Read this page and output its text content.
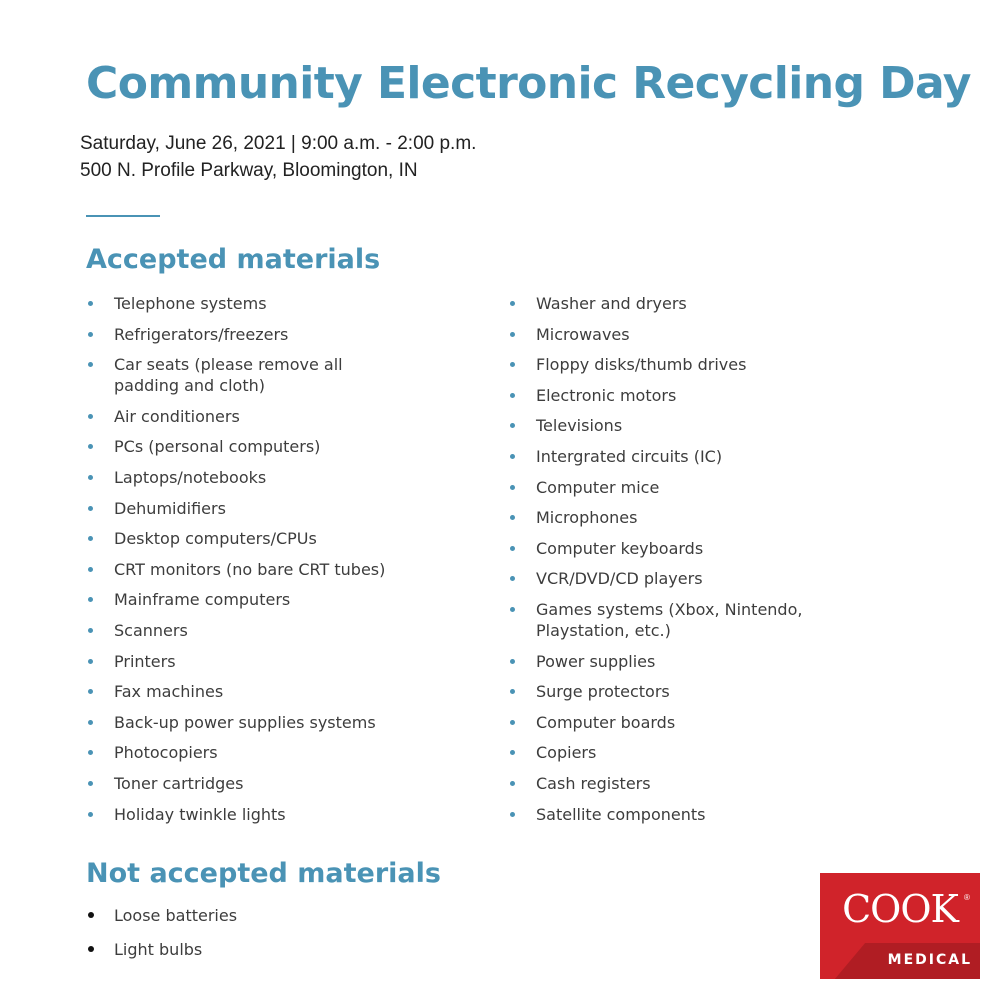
Community Electronic Recycling Day
Saturday, June 26, 2021 | 9:00 a.m. - 2:00 p.m.
500 N. Profile Parkway, Bloomington, IN
Accepted materials
Telephone systems
Refrigerators/freezers
Car seats (please remove all padding and cloth)
Air conditioners
PCs (personal computers)
Laptops/notebooks
Dehumidifiers
Desktop computers/CPUs
CRT monitors (no bare CRT tubes)
Mainframe computers
Scanners
Printers
Fax machines
Back-up power supplies systems
Photocopiers
Toner cartridges
Holiday twinkle lights
Washer and dryers
Microwaves
Floppy disks/thumb drives
Electronic motors
Televisions
Intergrated circuits (IC)
Computer mice
Microphones
Computer keyboards
VCR/DVD/CD players
Games systems (Xbox, Nintendo, Playstation, etc.)
Power supplies
Surge protectors
Computer boards
Copiers
Cash registers
Satellite components
Not accepted materials
Loose batteries
Light bulbs
COOK ®
MEDICAL
